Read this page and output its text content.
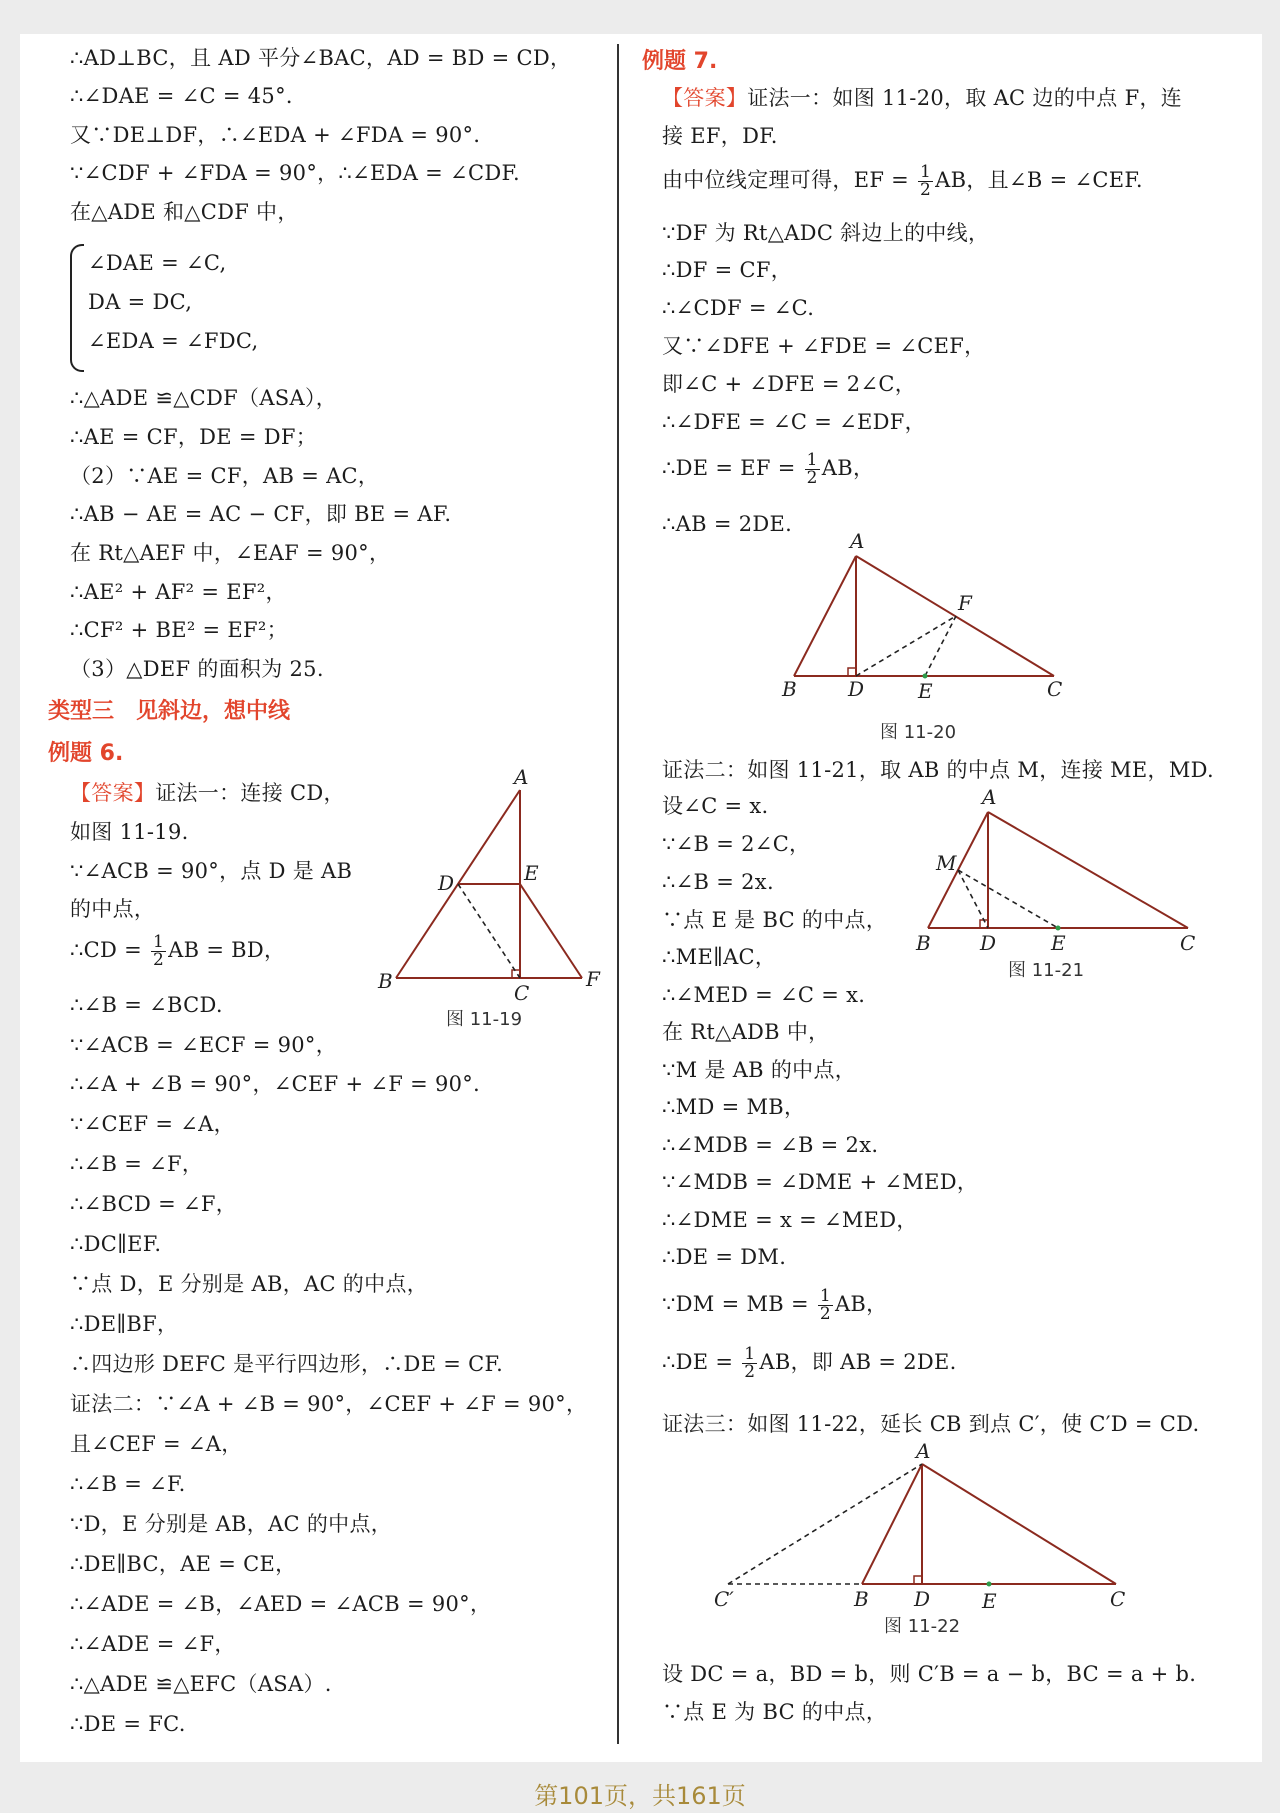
∴AD⊥BC，且 AD 平分∠BAC，AD = BD = CD，
∴∠DAE = ∠C = 45°．
又∵DE⊥DF，∴∠EDA + ∠FDA = 90°．
∵∠CDF + ∠FDA = 90°，∴∠EDA = ∠CDF.
在△ADE 和△CDF 中，
∠DAE = ∠C,
DA = DC,
∠EDA = ∠FDC,
∴△ADE ≌△CDF（ASA），
∴AE = CF，DE = DF；
（2）∵AE = CF，AB = AC，
∴AB − AE = AC − CF，即 BE = AF.
在 Rt△AEF 中，∠EAF = 90°，
∴AE² + AF² = EF²，
∴CF² + BE² = EF²；
（3）△DEF 的面积为 25.
类型三　见斜边，想中线
例题 6.
【答案】证法一：连接 CD，
如图 11-19.
∵∠ACB = 90°，点 D 是 AB
的中点，
∴CD = $\frac{1}{2}$ AB = BD，
∴∠B = ∠BCD.
∵∠ACB = ∠ECF = 90°，
∴∠A + ∠B = 90°，∠CEF + ∠F = 90°．
∵∠CEF = ∠A，
∴∠B = ∠F，
∴∠BCD = ∠F，
∴DC∥EF.
∵点 D，E 分别是 AB，AC 的中点，
∴DE∥BF，
∴四边形 DEFC 是平行四边形，∴DE = CF.
证法二：∵∠A + ∠B = 90°，∠CEF + ∠F = 90°，
且∠CEF = ∠A，
∴∠B = ∠F.
∵D，E 分别是 AB，AC 的中点，
∴DE∥BC，AE = CE，
∴∠ADE = ∠B，∠AED = ∠ACB = 90°，
∴∠ADE = ∠F，
∴△ADE ≌△EFC（ASA）.
∴DE = FC.
A
B	C
D	E
F
图 11-19
例题 7.
【答案】证法一：如图 11-20，取 AC 边的中点 F，连
接 EF，DF.
由中位线定理可得，EF = $\frac{1}{2}$ AB，且∠B = ∠CEF.
∵DF 为 Rt△ADC 斜边上的中线，
∴DF = CF，
∴∠CDF = ∠C.
又∵∠DFE + ∠FDE = ∠CEF，
即∠C + ∠DFE = 2∠C，
∴∠DFE = ∠C = ∠EDF，
∴DE = EF = $\frac{1}{2}$ AB，
∴AB = 2DE.
证法二：如图 11-21，取 AB 的中点 M，连接 ME，MD.
设∠C = x.
∵∠B = 2∠C，
∴∠B = 2x.
∵点 E 是 BC 的中点，
∴ME∥AC，
∴∠MED = ∠C = x.
在 Rt△ADB 中，
∵M 是 AB 的中点，
∴MD = MB，
∴∠MDB = ∠B = 2x.
∵∠MDB = ∠DME + ∠MED，
∴∠DME = x = ∠MED，
∴DE = DM.
∵DM = MB = $\frac{1}{2}$ AB，
∴DE = $\frac{1}{2}$ AB，即 AB = 2DE.
证法三：如图 11-22，延长 CB 到点 C′，使 C′D = CD.
设 DC = a，BD = b，则 C′B = a − b，BC = a + b.
∵点 E 为 BC 的中点，
A
B	C
D	E
F
图 11-20
A
B	C
D	E
M
图 11-21
A
B	C
D	E
C′
图 11-22
第101页，共161页
